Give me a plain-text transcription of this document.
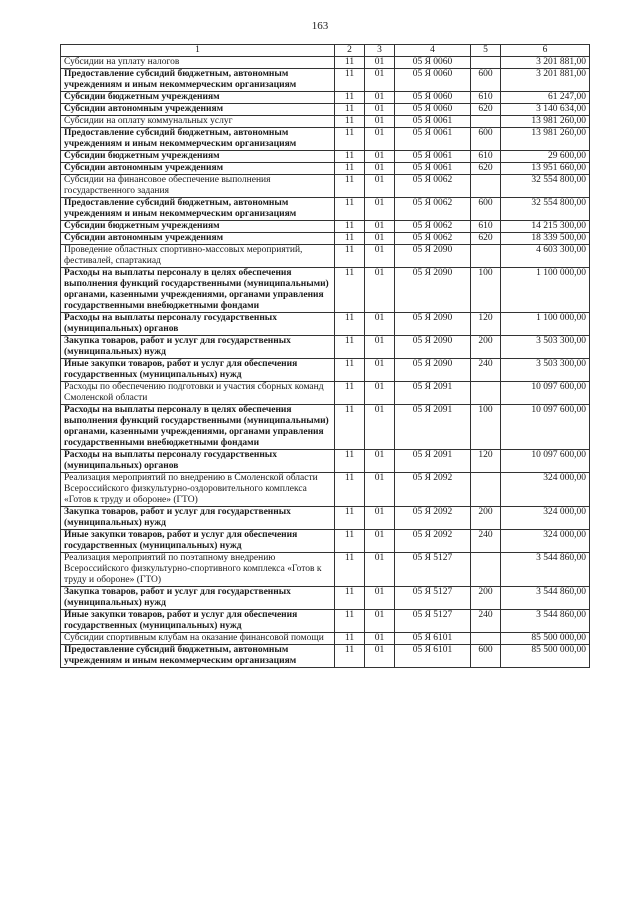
163
1	2	3	4	5	6
Субсидии на уплату налогов	11	01	05 Я 0060		3 201 881,00
Предоставление субсидий бюджетным, автономным учреждениям и иным некоммерческим организациям	11	01	05 Я 0060	600	3 201 881,00
Субсидии бюджетным учреждениям	11	01	05 Я 0060	610	61 247,00
Субсидии автономным учреждениям	11	01	05 Я 0060	620	3 140 634,00
Субсидии на оплату коммунальных услуг	11	01	05 Я 0061		13 981 260,00
Предоставление субсидий бюджетным, автономным учреждениям и иным некоммерческим организациям	11	01	05 Я 0061	600	13 981 260,00
Субсидии бюджетным учреждениям	11	01	05 Я 0061	610	29 600,00
Субсидии автономным учреждениям	11	01	05 Я 0061	620	13 951 660,00
Субсидии на финансовое обеспечение выполнения государственного задания	11	01	05 Я 0062		32 554 800,00
Предоставление субсидий бюджетным, автономным учреждениям и иным некоммерческим организациям	11	01	05 Я 0062	600	32 554 800,00
Субсидии бюджетным учреждениям	11	01	05 Я 0062	610	14 215 300,00
Субсидии автономным учреждениям	11	01	05 Я 0062	620	18 339 500,00
Проведение областных спортивно-массовых мероприятий, фестивалей, спартакиад	11	01	05 Я 2090		4 603 300,00
Расходы на выплаты персоналу в целях обеспечения выполнения функций государственными (муниципальными) органами, казенными учреждениями, органами управления государственными внебюджетными фондами	11	01	05 Я 2090	100	1 100 000,00
Расходы на выплаты персоналу государственных (муниципальных) органов	11	01	05 Я 2090	120	1 100 000,00
Закупка товаров, работ и услуг для государственных (муниципальных) нужд	11	01	05 Я 2090	200	3 503 300,00
Иные закупки товаров, работ и услуг для обеспечения государственных (муниципальных) нужд	11	01	05 Я 2090	240	3 503 300,00
Расходы по обеспечению подготовки и участия сборных команд Смоленской области	11	01	05 Я 2091		10 097 600,00
Расходы на выплаты персоналу в целях обеспечения выполнения функций государственными (муниципальными) органами, казенными учреждениями, органами управления государственными внебюджетными фондами	11	01	05 Я 2091	100	10 097 600,00
Расходы на выплаты персоналу государственных (муниципальных) органов	11	01	05 Я 2091	120	10 097 600,00
Реализация мероприятий по внедрению в Смоленской области Всероссийского физкультурно-оздоровительного комплекса «Готов к труду и обороне» (ГТО)	11	01	05 Я 2092		324 000,00
Закупка товаров, работ и услуг для государственных (муниципальных) нужд	11	01	05 Я 2092	200	324 000,00
Иные закупки товаров, работ и услуг для обеспечения государственных (муниципальных) нужд	11	01	05 Я 2092	240	324 000,00
Реализация мероприятий по поэтапному внедрению Всероссийского физкультурно-спортивного комплекса «Готов к труду и обороне» (ГТО)	11	01	05 Я 5127		3 544 860,00
Закупка товаров, работ и услуг для государственных (муниципальных) нужд	11	01	05 Я 5127	200	3 544 860,00
Иные закупки товаров, работ и услуг для обеспечения государственных (муниципальных) нужд	11	01	05 Я 5127	240	3 544 860,00
Субсидии спортивным клубам на оказание финансовой помощи	11	01	05 Я 6101		85 500 000,00
Предоставление субсидий бюджетным, автономным учреждениям и иным некоммерческим организациям	11	01	05 Я 6101	600	85 500 000,00
